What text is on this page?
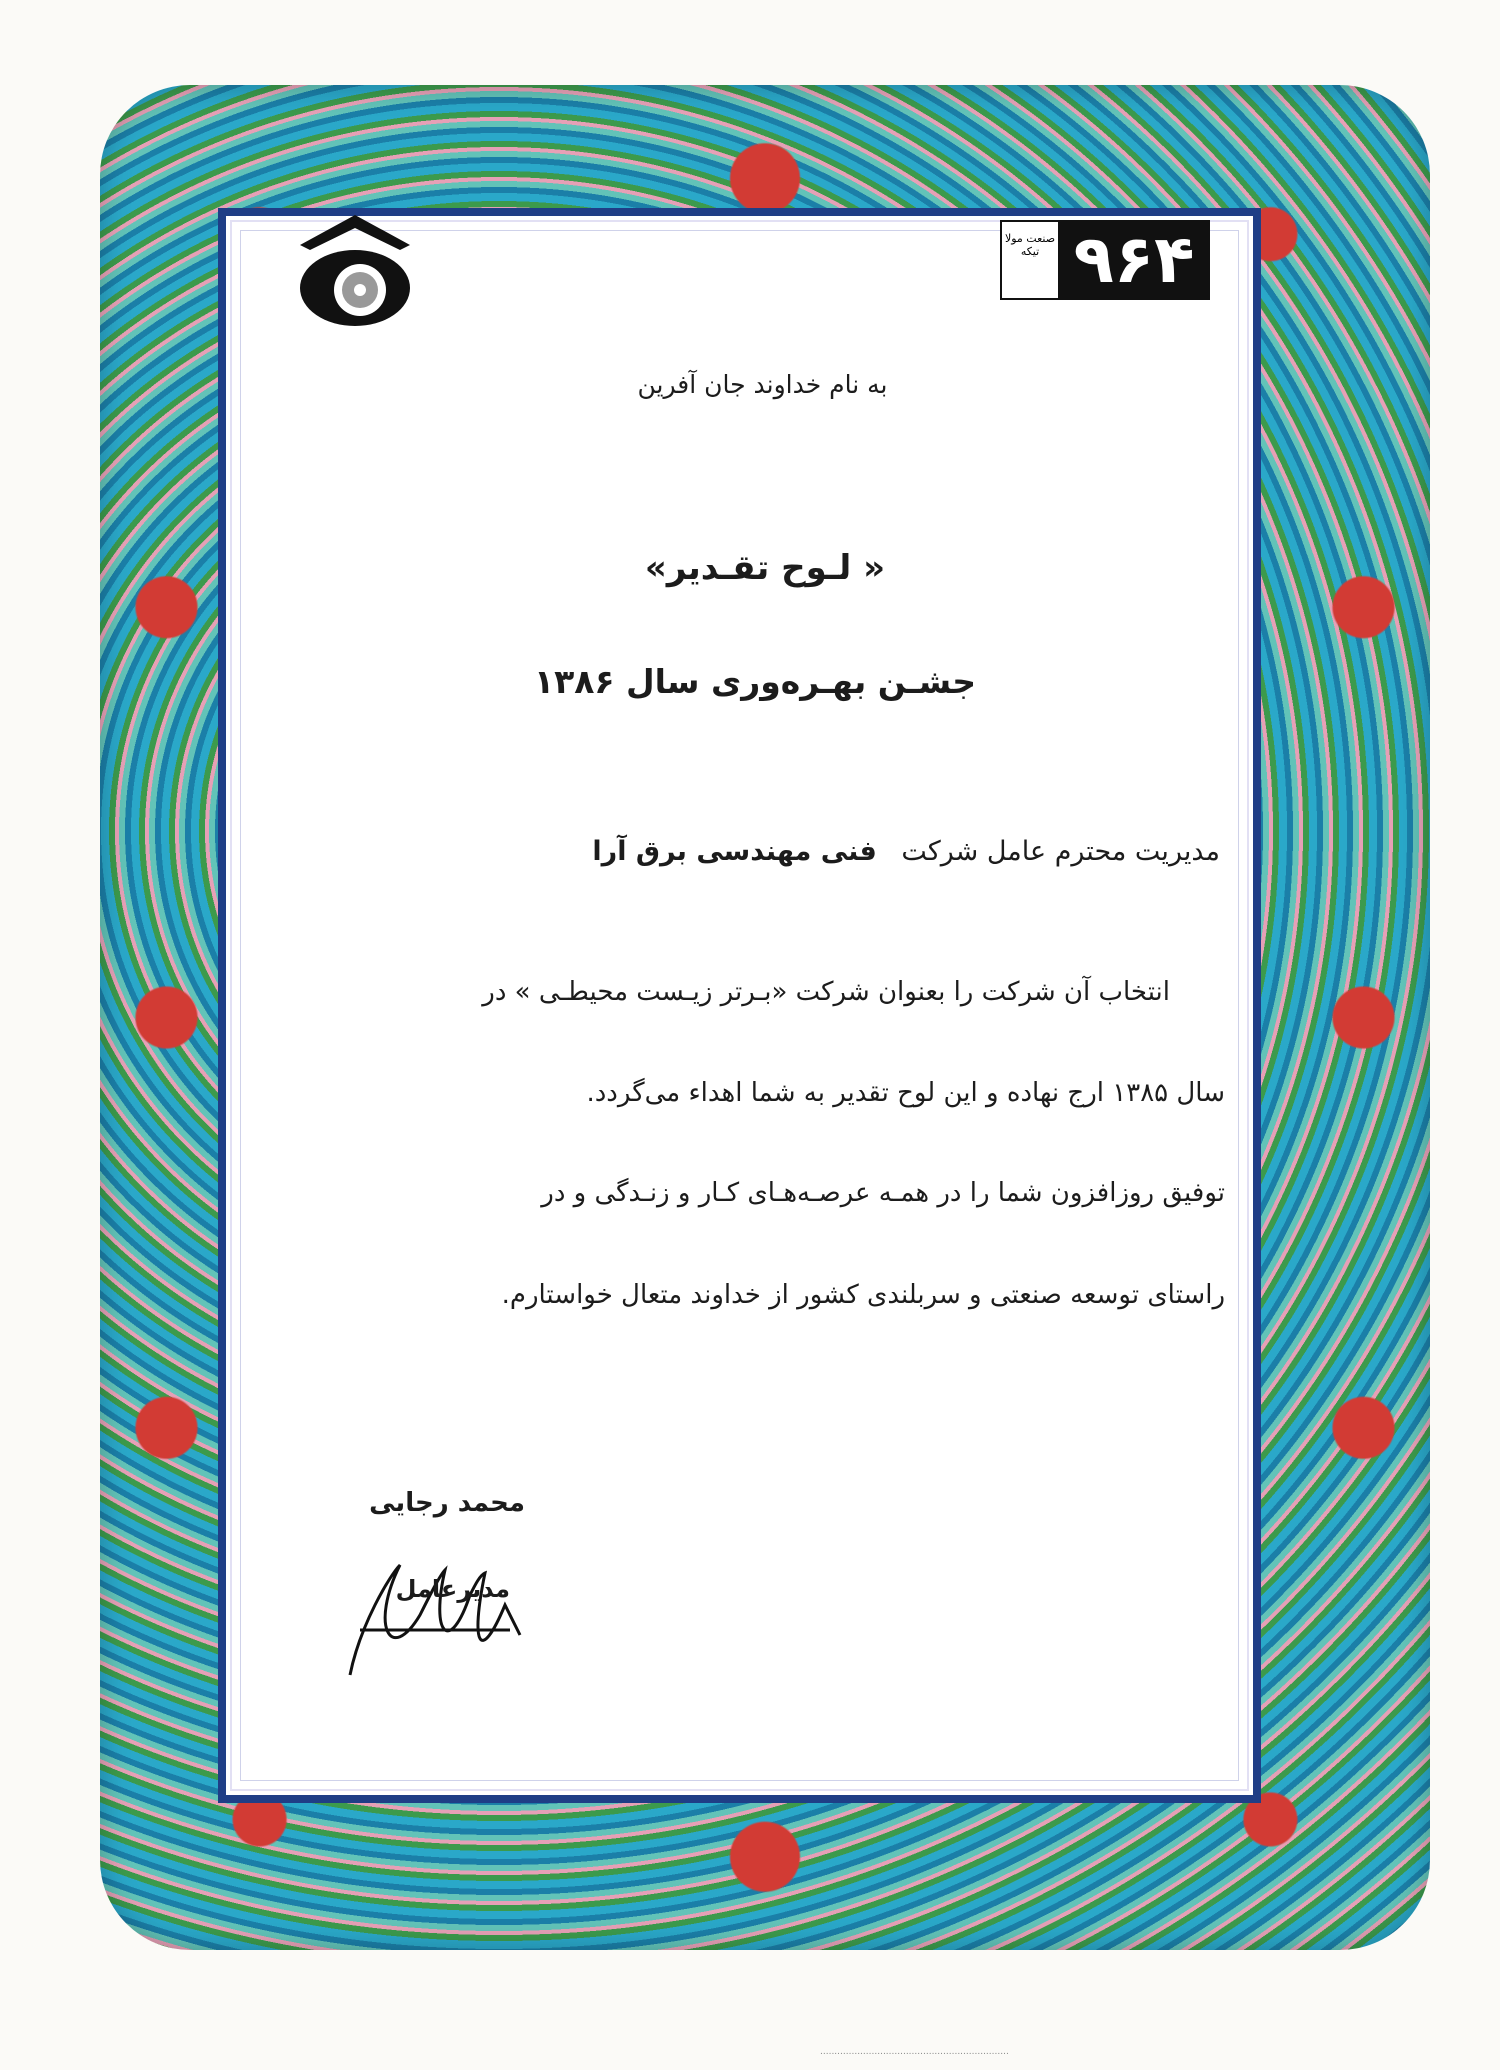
صنعت مولا تیکه ۹۶۴
به نام خداوند جان آفرین
« لـوح تقـدیر»
جشـن بهـره‌وری سال ۱۳۸۶
مدیریت محترم عامل شرکت فنی مهندسی برق آرا
انتخاب آن شرکت را بعنوان شرکت «بـرتر زیـست محیطـی » در
سال ۱۳۸۵ ارج نهاده و این لوح تقدیر به شما اهداء می‌گردد.
توفیق روزافزون شما را در همـه عرصـه‌هـای کـار و زنـدگی و در
راستای توسعه صنعتی و سربلندی کشور از خداوند متعال خواستارم.
محمد رجایی
مدیرعامل
..................................................................
